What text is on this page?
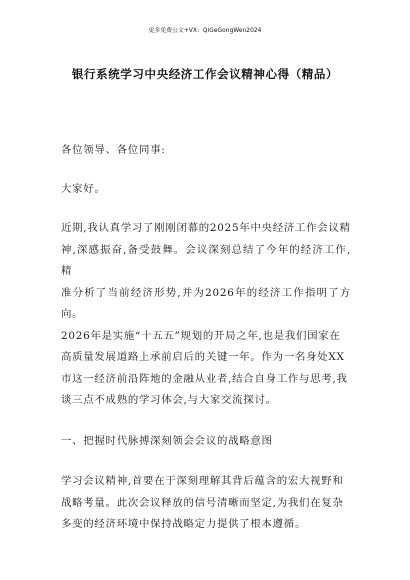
更多免费公文+VX：QiGeGongWen2024
银行系统学习中央经济工作会议精神心得（精品）

各位领导、各位同事:

大家好。

近期,我认真学习了刚刚闭幕的2025年中央经济工作会议精

神,深感振奋,备受鼓舞。会议深刻总结了今年的经济工作,精

准分析了当前经济形势,并为2026年的经济工作指明了方向。

2026年是实施“十五五”规划的开局之年,也是我们国家在

高质量发展道路上承前启后的关键一年。作为一名身处XX

市这一经济前沿阵地的金融从业者,结合自身工作与思考,我

谈三点不成熟的学习体会,与大家交流探讨。

一、把握时代脉搏深刻领会会议的战略意图

学习会议精神,首要在于深刻理解其背后蕴含的宏大视野和

战略考量。此次会议释放的信号清晰而坚定,为我们在复杂

多变的经济环境中保持战略定力提供了根本遵循。
